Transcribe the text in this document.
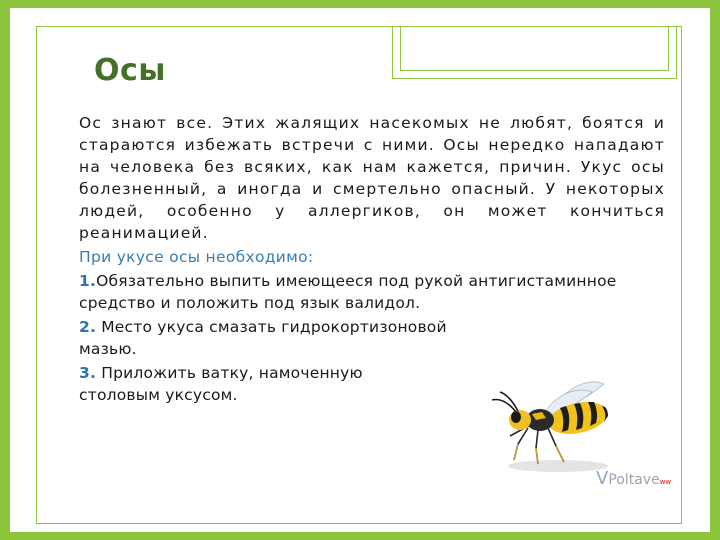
Осы

Ос знают все. Этих жалящих насекомых не любят, боятся и стараются избежать встречи с ними. Осы нередко нападают на человека без всяких, как нам кажется, причин. Укус осы болезненный, а иногда и смертельно опасный. У некоторых людей, особенно у аллергиков, он может кончиться реанимацией.

При укусе осы необходимо:

1.Обязательно выпить имеющееся под рукой антигистаминное средство и положить под язык валидол.

2. Место укуса смазать гидрокортизоновой мазью.

3. Приложить ватку, намоченную столовым уксусом.

VPoltaveww
